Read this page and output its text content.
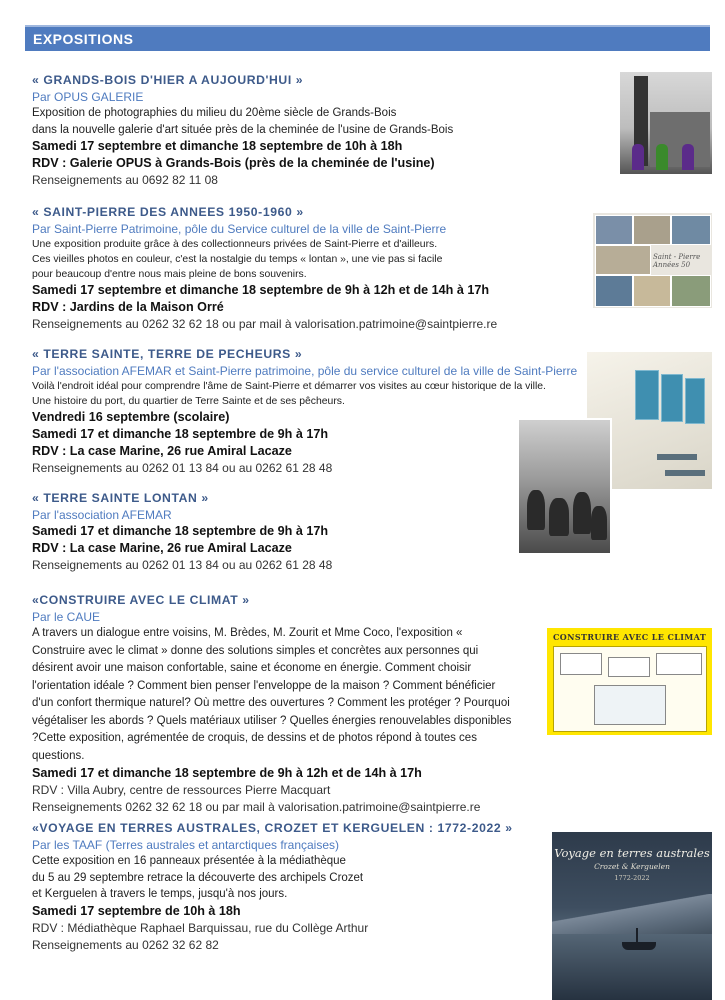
EXPOSITIONS
« GRANDS-BOIS D'HIER A AUJOURD'HUI »
Par OPUS GALERIE
Exposition de photographies du milieu du 20ème siècle de Grands-Bois
dans la nouvelle galerie d'art située près de la cheminée de l'usine de Grands-Bois
Samedi 17 septembre et dimanche 18 septembre de 10h à 18h
RDV : Galerie OPUS à Grands-Bois (près de la cheminée de l'usine)
Renseignements au 0692 82 11 08
« SAINT-PIERRE DES ANNEES 1950-1960 »
Par Saint-Pierre Patrimoine, pôle du Service culturel de la ville de Saint-Pierre
Une exposition produite grâce à des collectionneurs privées de Saint-Pierre et d'ailleurs.
Ces vieilles photos en couleur, c'est la nostalgie du temps « lontan », une vie pas si facile
pour beaucoup d'entre nous mais pleine de bons souvenirs.
Samedi 17 septembre et dimanche 18 septembre de 9h à 12h et de 14h à 17h
RDV : Jardins de la Maison Orré
Renseignements au 0262 32 62 18 ou par mail à valorisation.patrimoine@saintpierre.re
« TERRE SAINTE, TERRE DE PECHEURS »
Par l'association AFEMAR et Saint-Pierre patrimoine, pôle du service culturel de la ville de Saint-Pierre
Voilà l'endroit idéal pour comprendre l'âme de Saint-Pierre et démarrer vos visites au cœur historique de la ville.
Une histoire du port, du quartier de Terre Sainte et de ses pêcheurs.
Vendredi 16 septembre (scolaire)
Samedi 17 et dimanche 18 septembre de 9h à 17h
RDV : La case Marine, 26 rue Amiral Lacaze
Renseignements au 0262 01 13 84 ou au 0262 61 28 48
« TERRE SAINTE LONTAN »
Par l'association AFEMAR
Samedi 17 et dimanche 18 septembre de 9h à 17h
RDV : La case Marine, 26 rue Amiral Lacaze
Renseignements au 0262 01 13 84 ou au 0262 61 28 48
«CONSTRUIRE AVEC LE CLIMAT »
Par le CAUE
A travers un dialogue entre voisins, M. Brèdes, M. Zourit et Mme Coco, l'exposition « Construire avec le climat » donne des solutions simples et concrètes aux personnes qui désirent avoir une maison confortable, saine et économe en énergie. Comment choisir l'orientation idéale ? Comment bien penser l'enveloppe de la maison ? Comment bénéficier d'un confort thermique naturel? Où mettre des ouvertures ? Comment les protéger ? Pourquoi végétaliser les abords ? Quels matériaux utiliser ? Quelles énergies renouvelables disponibles ?Cette exposition, agrémentée de croquis, de dessins et de photos répond à toutes ces questions.
Samedi 17 et dimanche 18 septembre de 9h à 12h et de 14h à 17h
RDV : Villa Aubry, centre de ressources Pierre Macquart
Renseignements 0262 32 62 18 ou par mail à valorisation.patrimoine@saintpierre.re
«VOYAGE EN TERRES AUSTRALES, CROZET ET KERGUELEN : 1772-2022 »
Par les TAAF (Terres australes et antarctiques françaises)
Cette exposition en 16 panneaux présentée à la médiathèque
du 5 au 29 septembre retrace la découverte des archipels Crozet
et Kerguelen à travers le temps, jusqu'à nos jours.
Samedi 17 septembre de 10h à 18h
RDV : Médiathèque Raphael Barquissau, rue du Collège Arthur
Renseignements au 0262 32 62 82
Saint - Pierre
Années 50
CONSTRUIRE AVEC LE CLIMAT
Voyage en terres australes
Crozet & Kerguelen
1772-2022
